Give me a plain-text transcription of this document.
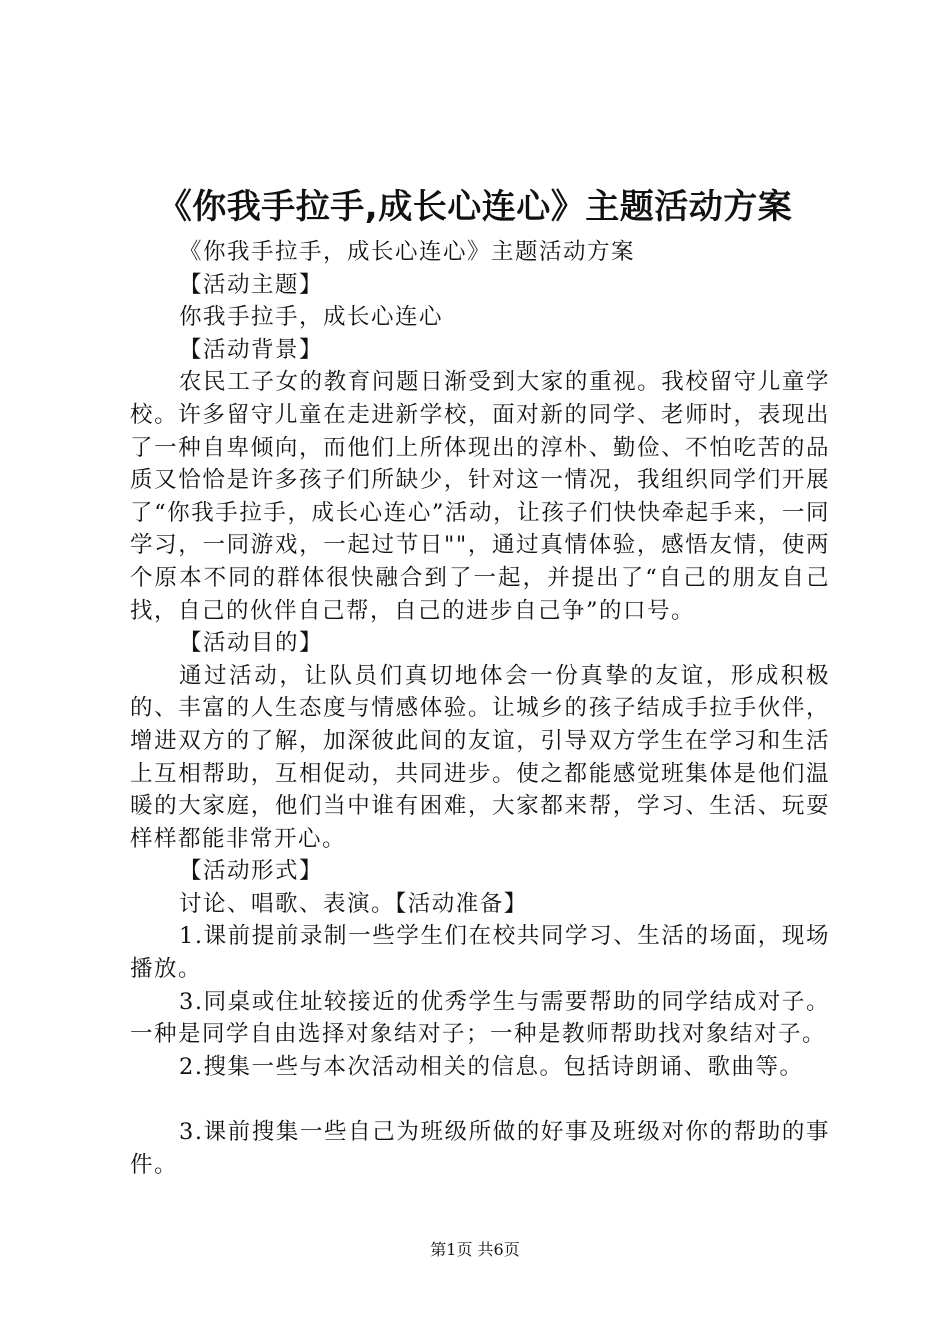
《你我手拉手,成长心连心》主题活动方案

《你我手拉手，成长心连心》主题活动方案

【活动主题】

你我手拉手，成长心连心

【活动背景】

农民工子女的教育问题日渐受到大家的重视。我校留守儿童学校。许多留守儿童在走进新学校，面对新的同学、老师时，表现出了一种自卑倾向，而他们上所体现出的淳朴、勤俭、不怕吃苦的品质又恰恰是许多孩子们所缺少，针对这一情况，我组织同学们开展了“你我手拉手，成长心连心”活动，让孩子们快快牵起手来，一同学习，一同游戏，一起过节日""，通过真情体验，感悟友情，使两个原本不同的群体很快融合到了一起，并提出了“自己的朋友自己找，自己的伙伴自己帮，自己的进步自己争”的口号。

【活动目的】

通过活动，让队员们真切地体会一份真挚的友谊，形成积极的、丰富的人生态度与情感体验。让城乡的孩子结成手拉手伙伴，增进双方的了解，加深彼此间的友谊，引导双方学生在学习和生活上互相帮助，互相促动，共同进步。使之都能感觉班集体是他们温暖的大家庭，他们当中谁有困难，大家都来帮，学习、生活、玩耍样样都能非常开心。

【活动形式】

讨论、唱歌、表演。【活动准备】

1.课前提前录制一些学生们在校共同学习、生活的场面，现场播放。

3.同桌或住址较接近的优秀学生与需要帮助的同学结成对子。一种是同学自由选择对象结对子；一种是教师帮助找对象结对子。

2.搜集一些与本次活动相关的信息。包括诗朗诵、歌曲等。

3.课前搜集一些自己为班级所做的好事及班级对你的帮助的事件。

第1页 共6页
